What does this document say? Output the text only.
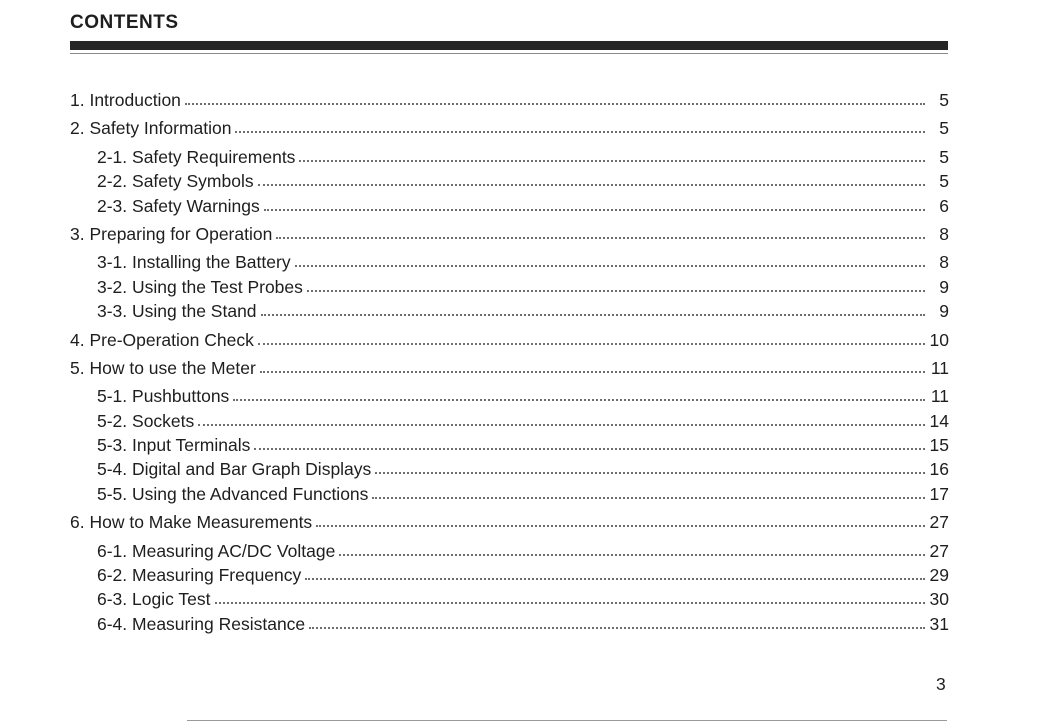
CONTENTS
1. Introduction	5
2. Safety Information	5
2-1. Safety Requirements	5
2-2. Safety Symbols	5
2-3. Safety Warnings	6
3. Preparing for Operation	8
3-1. Installing the Battery	8
3-2. Using the Test Probes	9
3-3. Using the Stand	9
4. Pre-Operation Check	10
5. How to use the Meter	11
5-1. Pushbuttons	11
5-2. Sockets	14
5-3. Input Terminals	15
5-4. Digital and Bar Graph Displays	16
5-5. Using the Advanced Functions	17
6. How to Make Measurements	27
6-1. Measuring AC/DC Voltage	27
6-2. Measuring Frequency	29
6-3. Logic Test	30
6-4. Measuring Resistance	31
3
